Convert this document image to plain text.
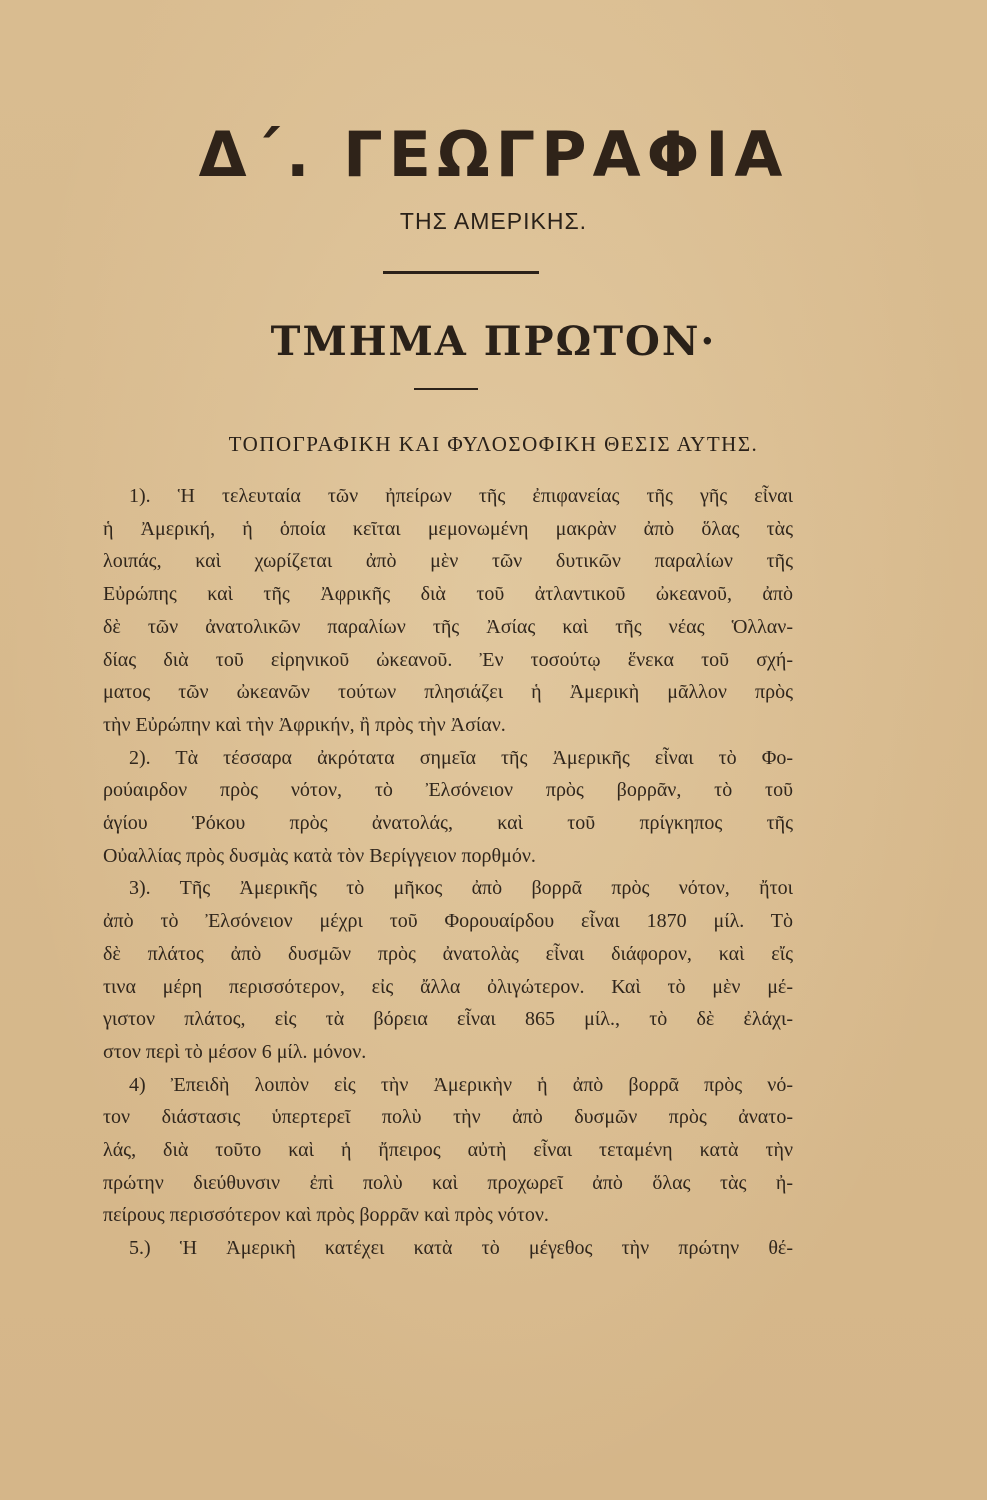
Δ΄. ΓΕΩΓΡΑΦΙΑ
ΤΗΣ ΑΜΕΡΙΚΗΣ.
ΤΜΗΜΑ ΠΡΩΤΟΝ·
ΤΟΠΟΓΡΑΦΙΚΗ ΚΑΙ ΦΥΛΟΣΟΦΙΚΗ ΘΕΣΙΣ ΑΥΤΗΣ.

1). Ἡ τελευταία τῶν ἠπείρων τῆς ἐπιφανείας τῆς γῆς εἶναι

ἡ Ἀμερική, ἡ ὁποία κεῖται μεμονωμένη μακρὰν ἀπὸ ὅλας τὰς

λοιπάς, καὶ χωρίζεται ἀπὸ μὲν τῶν δυτικῶν παραλίων τῆς

Εὐρώπης καὶ τῆς Ἀφρικῆς διὰ τοῦ ἀτλαντικοῦ ὠκεανοῦ, ἀπὸ

δὲ τῶν ἀνατολικῶν παραλίων τῆς Ἀσίας καὶ τῆς νέας Ὁλλαν-

δίας διὰ τοῦ εἰρηνικοῦ ὠκεανοῦ. Ἐν τοσούτῳ ἕνεκα τοῦ σχή-

ματος τῶν ὠκεανῶν τούτων πλησιάζει ἡ Ἀμερικὴ μᾶλλον πρὸς

τὴν Εὐρώπην καὶ τὴν Ἀφρικήν, ἢ πρὸς τὴν Ἀσίαν.

2). Τὰ τέσσαρα ἀκρότατα σημεῖα τῆς Ἀμερικῆς εἶναι τὸ Φο-

ρούαιρδον πρὸς νότον, τὸ Ἐλσόνειον πρὸς βορρᾶν, τὸ τοῦ

ἁγίου Ῥόκου πρὸς ἀνατολάς, καὶ τοῦ πρίγκηπος τῆς

Οὐαλλίας πρὸς δυσμὰς κατὰ τὸν Βερίγγειον πορθμόν.

3). Τῆς Ἀμερικῆς τὸ μῆκος ἀπὸ βορρᾶ πρὸς νότον, ἤτοι

ἀπὸ τὸ Ἐλσόνειον μέχρι τοῦ Φορουαίρδου εἶναι 1870 μίλ. Τὸ

δὲ πλάτος ἀπὸ δυσμῶν πρὸς ἀνατολὰς εἶναι διάφορον, καὶ εἴς

τινα μέρη περισσότερον, εἰς ἄλλα ὀλιγώτερον. Καὶ τὸ μὲν μέ-

γιστον πλάτος, εἰς τὰ βόρεια εἶναι 865 μίλ., τὸ δὲ ἐλάχι-

στον περὶ τὸ μέσον 6 μίλ. μόνον.

4) Ἐπειδὴ λοιπὸν εἰς τὴν Ἀμερικὴν ἡ ἀπὸ βορρᾶ πρὸς νό-

τον διάστασις ὑπερτερεῖ πολὺ τὴν ἀπὸ δυσμῶν πρὸς ἀνατο-

λάς, διὰ τοῦτο καὶ ἡ ἤπειρος αὐτὴ εἶναι τεταμένη κατὰ τὴν

πρώτην διεύθυνσιν ἐπὶ πολὺ καὶ προχωρεῖ ἀπὸ ὅλας τὰς ἠ-

πείρους περισσότερον καὶ πρὸς βορρᾶν καὶ πρὸς νότον.

5.) Ἡ Ἀμερικὴ κατέχει κατὰ τὸ μέγεθος τὴν πρώτην θέ-
